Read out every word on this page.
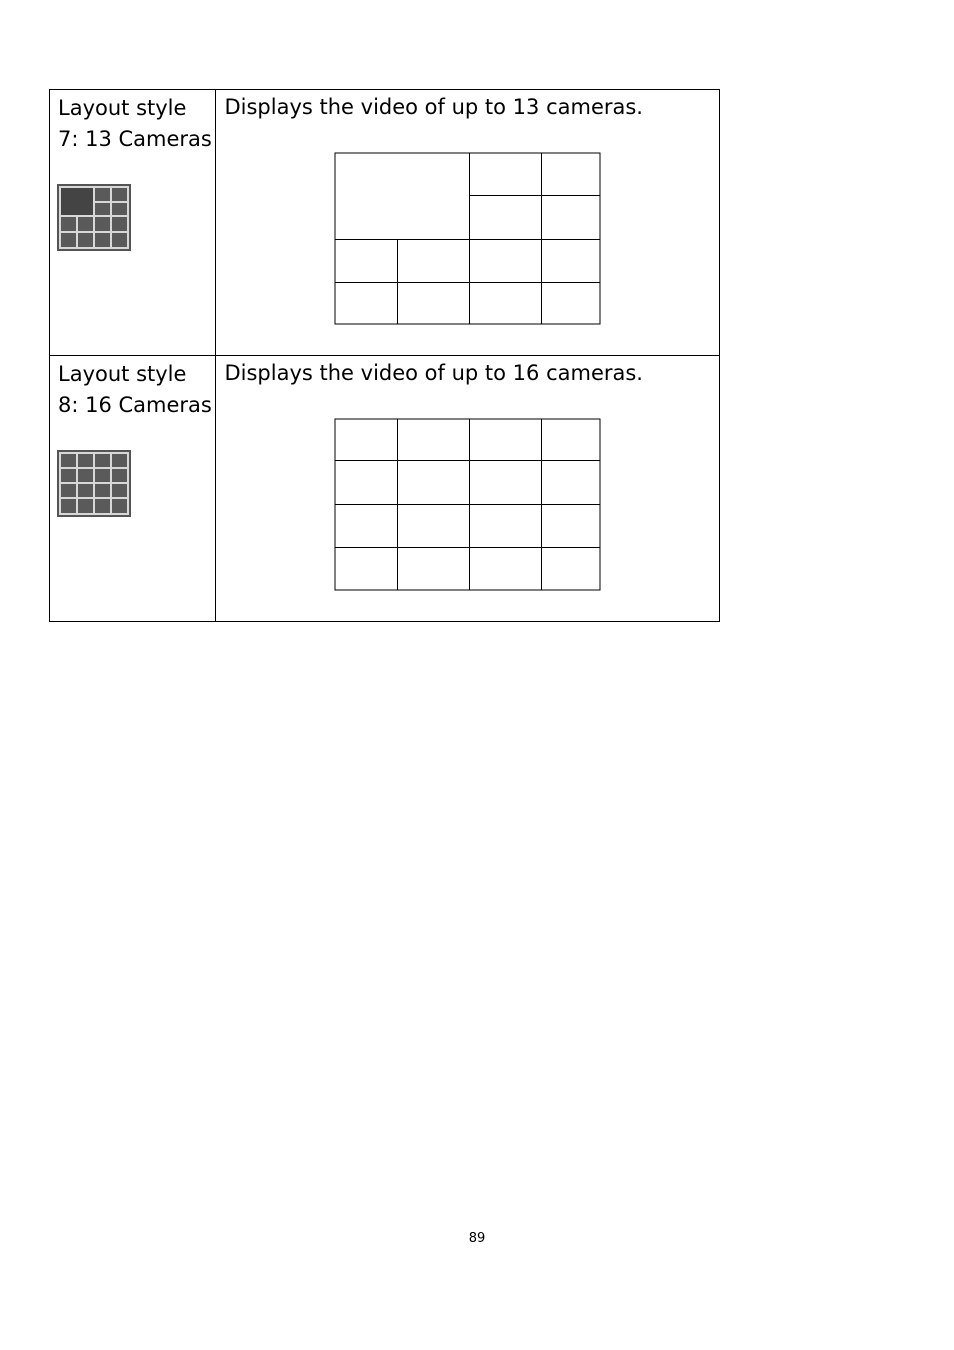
Layout style
7: 13 Cameras	Displays the video of up to 13 cameras.

Layout style
8: 16 Cameras	Displays the video of up to 16 cameras.

89
